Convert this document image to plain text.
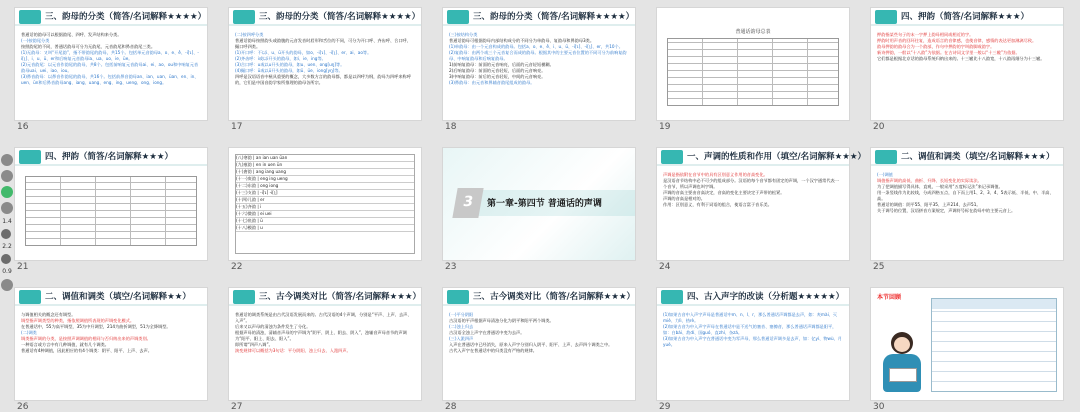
1.4
2.2
0.9
三、韵母的分类（简答/名词解释★★★★）
普通话的韵母可以根据韵尾、四呼、发声结构来分类。
(一)按韵尾分类
按照韵尾的不同，普通话韵母可分为无韵尾、元音韵尾和鼻音韵尾三类。
(1)无韵母：又叫“开尾韵”，指不带韵尾的韵母，共15个。包括单元音韵母a、o、e、ê、-i[ɿ]、-i[ʅ]、i、u、ü、er和后响复元音韵母ia、ua、uo、ie、üe。
(2)元音韵尾：以元音作韵尾的韵母，共8个。包括前响复元音韵母ai、ei、ao、ou和中响复元音韵母uai、uei、iao、iou。
(3)鼻音韵母：以鼻音作韵尾的韵母，共16个。包括前鼻音韵母an、ian、uan、üan、en、in、uen、ün和后鼻音韵母ang、iang、uang、eng、ing、ueng、ong、iong。
16
三、韵母的分类（简答/名词解释★★★★）
(二)按四呼分类
普通话韵母按照韵头或韵腹的元音发音时唇形和舌位的不同，可分为开口呼、齐齿呼、合口呼、撮口呼四类。
(1)开口呼：不以i、u、ü开头的韵母，如o、-i[ɿ]、-i[ʅ]、er、ai、ao等。
(2)齐齿呼：i或以i开头的韵母，如i、ie、ing等。
(3)合口呼：u或以u开头的韵母，如u、uen、ong[uŋ]等。
(4)撮口呼：ü或以ü开头的韵母，如ü、üe、iong[yŋ]等。
四呼是汉语语音中極具重要的概念，大多数方言的韵母都，都是以四呼为纲，韵母为四呼来称呼的，它们是中国音韵学家所推理的韵母各所宗。
17
三、韵母的分类（简答/名词解释★★★★）
(三)按结构分类
普通话韵母可根据韵母内部结构成分的不同分为单韵母、复韵母和鼻韵母3类。
(1)单韵母：由一个元音构成的韵母。包括a、o、e、ê、i、u、ü、-i[ɿ]、-i[ʅ]、er，共10个。
(2)复韵母：由两个或三个元音复合而成的韵母。根据其中的主要元音位置的不同可分为前响复韵母、中响复韵母和后响复韵母。
1)前响复韵母：前面的元音响亮，后面的元音轻短模糊。
2)后响复韵母：前面的元音轻短，后面的元音响亮。
3)中响复韵母：前后的元音轻短，中间的元音响亮。
(3)鼻韵母：由元音和鼻辅音韵尾组成的韵母。
18
普通话韵母总表
19
四、押韵（简答/名词解释★★★）
押韵指某些句子的末一字押上韵母相同或相近的字。
押韵时用声音的回环往复，造成语言的音律感，也使音律，感情的表达更加淋漓尽致。
韵母押韵的韵母合为一个韵部，作句中押韵的字叫韵脚或韵字。
新诗押韵，一般以“十八韵”为依据。在古诗词文学里一般以“十三辙”为依据。
它们都是根据北京话的韵母系统归纳出来的。十三辙比十八韵宽，十八韵再细分为十三辙。
20
四、押韵（简答/名词解释★★★）
21
(八)寒韵 | an ian uan üan
(九)痕韵 | en in uen ün
(十)唐韵 | ang iang uang
(十一)庚韵 | eng ing ueng
(十二)东韵 | ong iong
(十三)支韵 | -i[ɿ] -i[ʅ]
(十四)儿韵 | er
(十五)齐韵 | i
(十六)微韵 | ei uei
(十七)鱼韵 | ü
(十八)模韵 | u
22
3 第一章-第四节 普通话的声调
23
一、声调的性质和作用（填空/名词解释★★★）
声调是指依附在音节中的具有区别意义作用的音高变化。
是汉语音节结构中必不可少的组成部分。汉语的每个音节都有固定的声调，一个汉字通常代表一个音节，所以声调也叫字调。
声调的音高主要由音高决定，音高的变化主要决定于声带的松紧。
声调的音高是相对的。
作用：区别意义，有利于词语的组合，使语言富于音乐美。
24
二、调值和调类（填空/名词解释★★★）
(一)调值
调值指声调的高低、曲折、升降、长短变化的实际读法。
为了把调值描写得具体、直观，一般采用“五度标记法”来记录调值。
用一条竖线作为比较线，分成四格五点，自下而上用1、2、3、4、5表示低、半低、中、半高、高。
普通话的调值：阴平55、阳平35、上声214、去声51。
关于调号的位置，汉语拼音方案规定，声调符号标在韵母中的主要元音上。
25
二、调值和调类（填空/名词解释★★）
与调值相关的概念还有调型。
调型指声调类型的种类，指依照调值所表现的声调变化模式。
在普通话中，55为高平调型，35为中升调型，214为曲折调型，51为全降调型。
(二)调类
调类指声调的分类，是按照声调调值的相同与否归纳出来的声调类别。
一种语言或方言中有几种调值，就有几个调类。
普通话有4种调值，因此相应的有4个调类：阴平、阳平、上声、去声。
26
三、古今调类对比（简答/名词解释★★★）
普通话的调类系统是由古代汉语发展而来的。古代汉语的4个声调，分别是“平声、上声、去声、入声”。
后来又以声母的清浊为条件发生了分化。
根据声母的清浊，清辅音声母的字声调为“阴平、阴上、阴去、阴入”，浊辅音声母音节的声调为“阳平、阳上、阳去、阳入”。
即所谓“四声八调”。
演变规律可以概括为3句话：平分阴阳、浊上归去、入派四声。
27
三、古今调类对比（简答/名词解释★★★）
(一)平分阴阳
古汉语的平声根据声母清浊分化为阴平和阳平两个调类。
(二)浊上归去
古汉语全浊上声字在普通话中变为去声。
(三)入派四声
入声在普通话中已经消失，原来入声字分别归入阴平、阳平、上声、去声四个调类之中。
古代入声字在普通话中的归类没有严格的规律。
28
四、古入声字的改读（分析题★★★★★）
(1)如果古音中入声字声母是普通话中m、n、l、r，那么普通话声调都是去声，如：麦mài、灭miè、力lì、热rè。
(2)如果古音为中入声字声母在普通话中是不送气的塞音、塞擦音，那么普通话声调都是阳平，如：白bái、敌dí、国guó、直zhí、杂zá。
(3)如果古音为中入声字在普通话中变为零声母，那么普通话声调多是去声，如：亿yì、物wù、月yuè。
29
本节回顾
30
